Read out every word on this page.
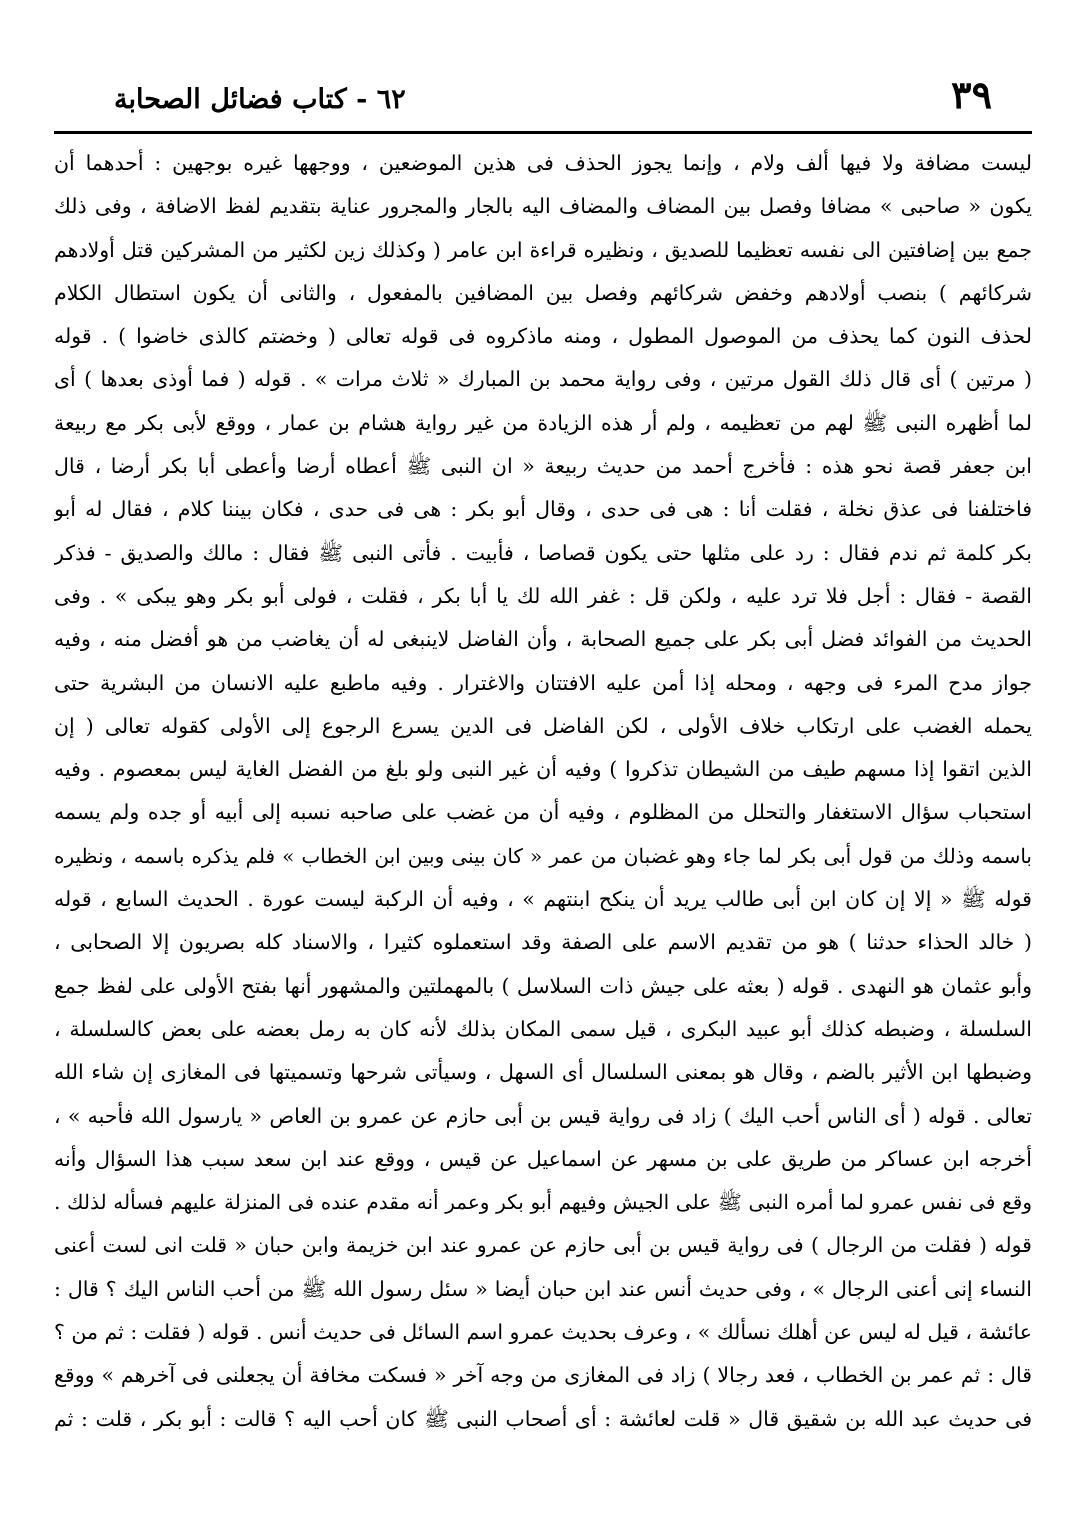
٦٢ - كتاب فضائل الصحابة	٣٩
ليست مضافة ولا فيها ألف ولام ، وإنما يجوز الحذف فى هذين الموضعين ، ووجهها غيره بوجهين : أحدهما أن
يكون « صاحبى » مضافا وفصل بين المضاف والمضاف اليه بالجار والمجرور عناية بتقديم لفظ الاضافة ، وفى ذلك
جمع بين إضافتين الى نفسه تعظيما للصديق ، ونظيره قراءة ابن عامر ( وكذلك زين لكثير من المشركين قتل أولادهم
شركائهم ) بنصب أولادهم وخفض شركائهم وفصل بين المضافين بالمفعول ، والثانى أن يكون استطال الكلام
لحذف النون كما يحذف من الموصول المطول ، ومنه ماذكروه فى قوله تعالى ( وخضتم كالذى خاضوا ) . قوله
( مرتين ) أى قال ذلك القول مرتين ، وفى رواية محمد بن المبارك « ثلاث مرات » . قوله ( فما أوذى بعدها ) أى
لما أظهره النبى ﷺ لهم من تعظيمه ، ولم أر هذه الزيادة من غير رواية هشام بن عمار ، ووقع لأبى بكر مع ربيعة
ابن جعفر قصة نحو هذه : فأخرج أحمد من حديث ربيعة « ان النبى ﷺ أعطاه أرضا وأعطى أبا بكر أرضا ، قال
فاختلفنا فى عذق نخلة ، فقلت أنا : هى فى حدى ، وقال أبو بكر : هى فى حدى ، فكان بيننا كلام ، فقال له أبو
بكر كلمة ثم ندم فقال : رد على مثلها حتى يكون قصاصا ، فأبيت . فأتى النبى ﷺ فقال : مالك والصديق - فذكر
القصة - فقال : أجل فلا ترد عليه ، ولكن قل : غفر الله لك يا أبا بكر ، فقلت ، فولى أبو بكر وهو يبكى » . وفى
الحديث من الفوائد فضل أبى بكر على جميع الصحابة ، وأن الفاضل لاينبغى له أن يغاضب من هو أفضل منه ، وفيه
جواز مدح المرء فى وجهه ، ومحله إذا أمن عليه الافتتان والاغترار . وفيه ماطبع عليه الانسان من البشرية حتى
يحمله الغضب على ارتكاب خلاف الأولى ، لكن الفاضل فى الدين يسرع الرجوع إلى الأولى كقوله تعالى ( إن
الذين اتقوا إذا مسهم طيف من الشيطان تذكروا ) وفيه أن غير النبى ولو بلغ من الفضل الغاية ليس بمعصوم . وفيه
استحباب سؤال الاستغفار والتحلل من المظلوم ، وفيه أن من غضب على صاحبه نسبه إلى أبيه أو جده ولم يسمه
باسمه وذلك من قول أبى بكر لما جاء وهو غضبان من عمر « كان بينى وبين ابن الخطاب » فلم يذكره باسمه ، ونظيره
قوله ﷺ « إلا إن كان ابن أبى طالب يريد أن ينكح ابنتهم » ، وفيه أن الركبة ليست عورة . الحديث السابع ، قوله
( خالد الحذاء حدثنا ) هو من تقديم الاسم على الصفة وقد استعملوه كثيرا ، والاسناد كله بصريون إلا الصحابى ،
وأبو عثمان هو النهدى . قوله ( بعثه على جيش ذات السلاسل ) بالمهملتين والمشهور أنها بفتح الأولى على لفظ جمع
السلسلة ، وضبطه كذلك أبو عبيد البكرى ، قيل سمى المكان بذلك لأنه كان به رمل بعضه على بعض كالسلسلة ،
وضبطها ابن الأثير بالضم ، وقال هو بمعنى السلسال أى السهل ، وسيأتى شرحها وتسميتها فى المغازى إن شاء الله
تعالى . قوله ( أى الناس أحب اليك ) زاد فى رواية قيس بن أبى حازم عن عمرو بن العاص « يارسول الله فأحبه » ،
أخرجه ابن عساكر من طريق على بن مسهر عن اسماعيل عن قيس ، ووقع عند ابن سعد سبب هذا السؤال وأنه
وقع فى نفس عمرو لما أمره النبى ﷺ على الجيش وفيهم أبو بكر وعمر أنه مقدم عنده فى المنزلة عليهم فسأله لذلك .
قوله ( فقلت من الرجال ) فى رواية قيس بن أبى حازم عن عمرو عند ابن خزيمة وابن حبان « قلت انى لست أعنى
النساء إنى أعنى الرجال » ، وفى حديث أنس عند ابن حبان أيضا « سئل رسول الله ﷺ من أحب الناس اليك ؟ قال :
عائشة ، قيل له ليس عن أهلك نسألك » ، وعرف بحديث عمرو اسم السائل فى حديث أنس . قوله ( فقلت : ثم من ؟
قال : ثم عمر بن الخطاب ، فعد رجالا ) زاد فى المغازى من وجه آخر « فسكت مخافة أن يجعلنى فى آخرهم » ووقع
فى حديث عبد الله بن شقيق قال « قلت لعائشة : أى أصحاب النبى ﷺ كان أحب اليه ؟ قالت : أبو بكر ، قلت : ثم
